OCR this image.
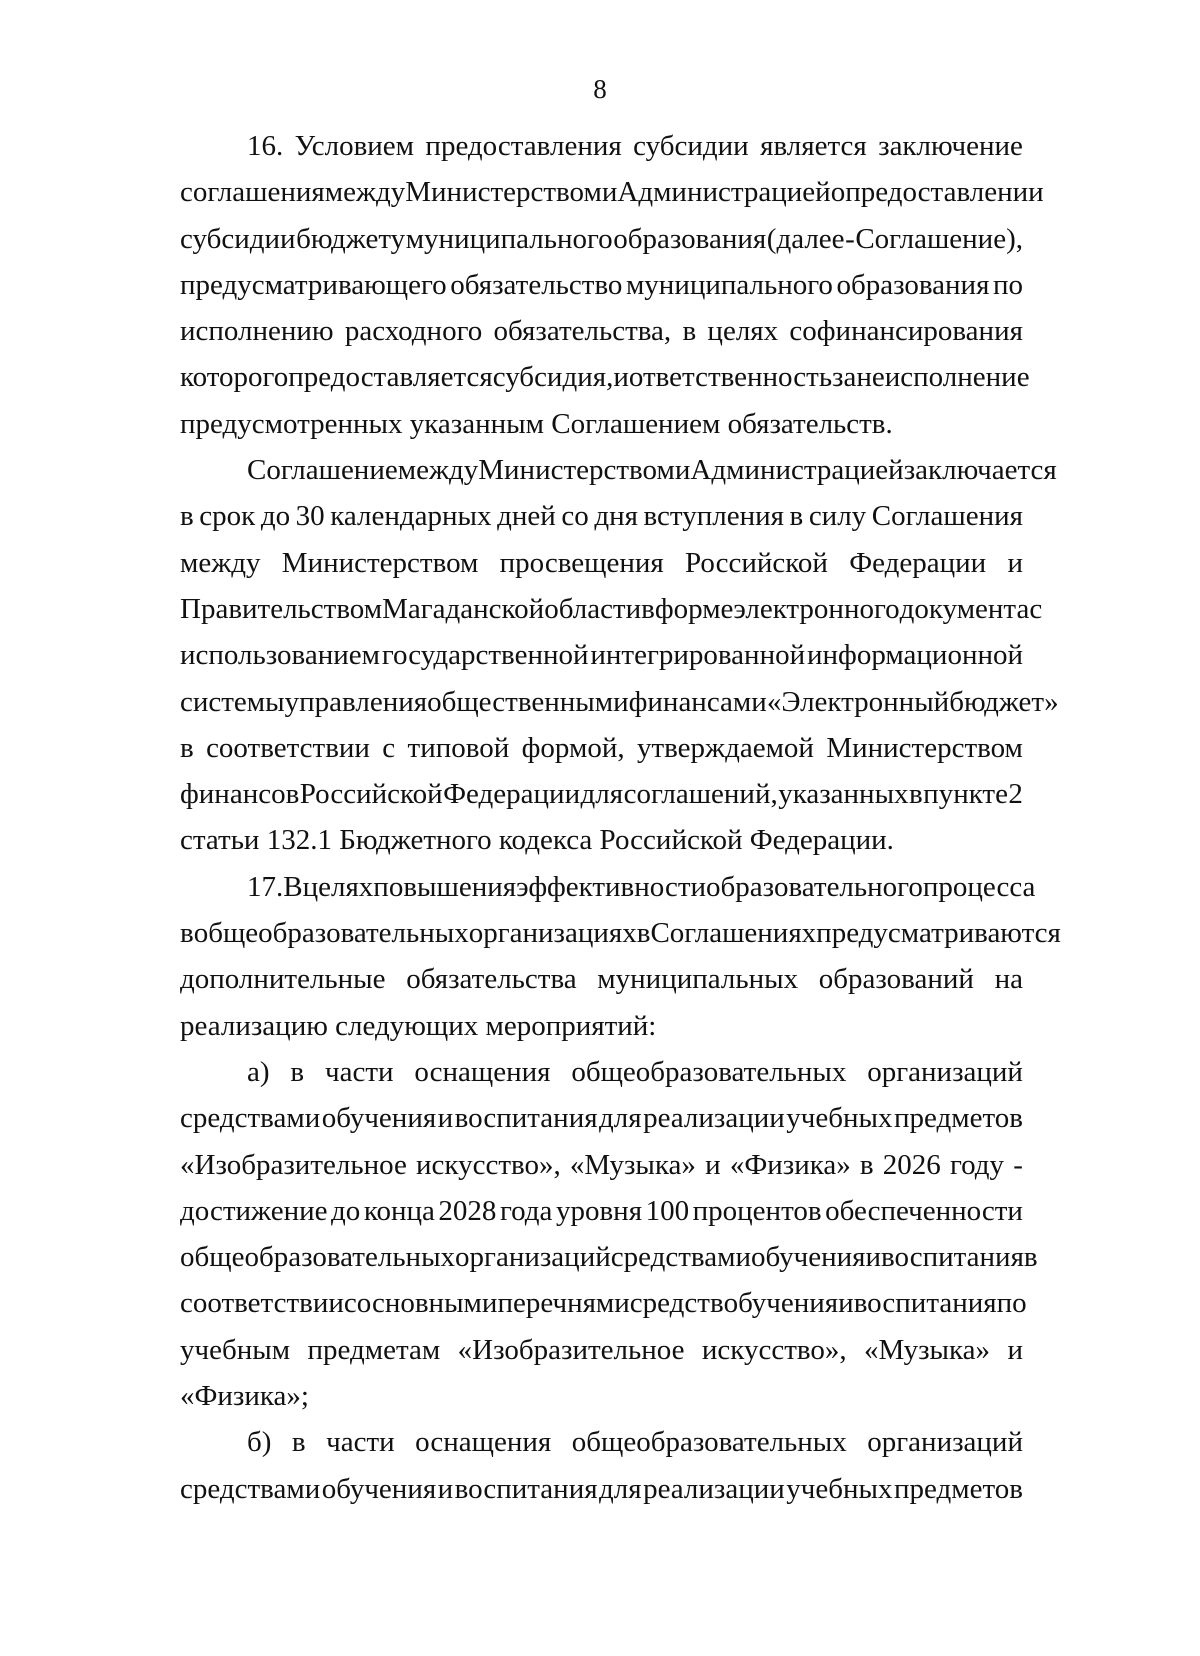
8
16. Условием предоставления субсидии является заключение
соглашения между Министерством и Администрацией о предоставлении
субсидии бюджету муниципального образования (далее - Соглашение),
предусматривающего обязательство муниципального образования по
исполнению расходного обязательства, в целях софинансирования
которого предоставляется субсидия, и ответственность за неисполнение
предусмотренных указанным Соглашением обязательств.
Соглашение между Министерством и Администрацией заключается
в срок до 30 календарных дней со дня вступления в силу Соглашения
между Министерством просвещения Российской Федерации и
Правительством Магаданской области в форме электронного документа с
использованием государственной интегрированной информационной
системы управления общественными финансами «Электронный бюджет»
в соответствии с типовой формой, утверждаемой Министерством
финансов Российской Федерации для соглашений, указанных в пункте 2
статьи 132.1 Бюджетного кодекса Российской Федерации.
17. В целях повышения эффективности образовательного процесса
в общеобразовательных организациях в Соглашениях предусматриваются
дополнительные обязательства муниципальных образований на
реализацию следующих мероприятий:
а) в части оснащения общеобразовательных организаций
средствами обучения и воспитания для реализации учебных предметов
«Изобразительное искусство», «Музыка» и «Физика» в 2026 году -
достижение до конца 2028 года уровня 100 процентов обеспеченности
общеобразовательных организаций средствами обучения и воспитания в
соответствии с основными перечнями средств обучения и воспитания по
учебным предметам «Изобразительное искусство», «Музыка» и
«Физика»;
б) в части оснащения общеобразовательных организаций
средствами обучения и воспитания для реализации учебных предметов
